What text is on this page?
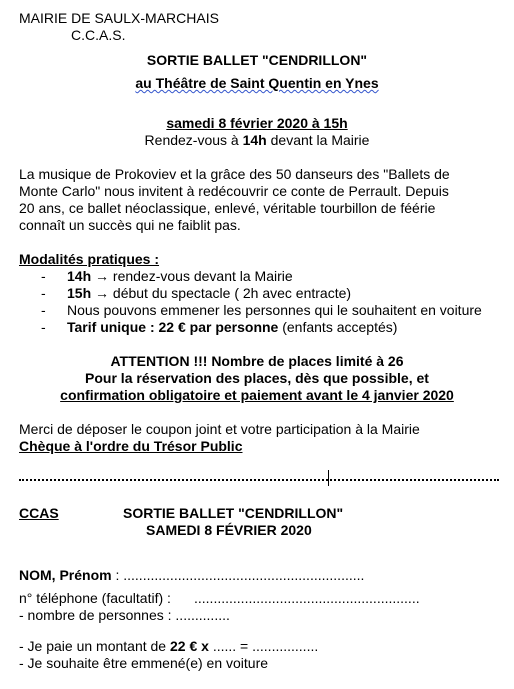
MAIRIE DE SAULX-MARCHAIS
C.C.A.S.
SORTIE BALLET "CENDRILLON"
au Théâtre de Saint Quentin en Ynes
samedi 8 février 2020 à 15h
Rendez-vous à 14h devant la Mairie
La musique de Prokoviev et la grâce des 50 danseurs des "Ballets de
Monte Carlo" nous invitent à redécouvrir ce conte de Perrault. Depuis
20 ans, ce ballet néoclassique, enlevé, véritable tourbillon de féérie
connaît un succès qui ne faiblit pas.
Modalités pratiques :
- 14h → rendez-vous devant la Mairie
- 15h → début du spectacle ( 2h avec entracte)
- Nous pouvons emmener les personnes qui le souhaitent en voiture
- Tarif unique : 22 € par personne (enfants acceptés)
ATTENTION !!! Nombre de places limité à 26
Pour la réservation des places, dès que possible, et
confirmation obligatoire et paiement avant le 4 janvier 2020
Merci de déposer le coupon joint et votre participation à la Mairie
Chèque à l'ordre du Trésor Public
CCAS	SORTIE BALLET "CENDRILLON"
SAMEDI 8 FÉVRIER 2020
NOM, Prénom : ..............................................................
n° téléphone (facultatif) : ..........................................................
- nombre de personnes : ..............
- Je paie un montant de 22 € x ...... = .................
- Je souhaite être emmené(e) en voiture
